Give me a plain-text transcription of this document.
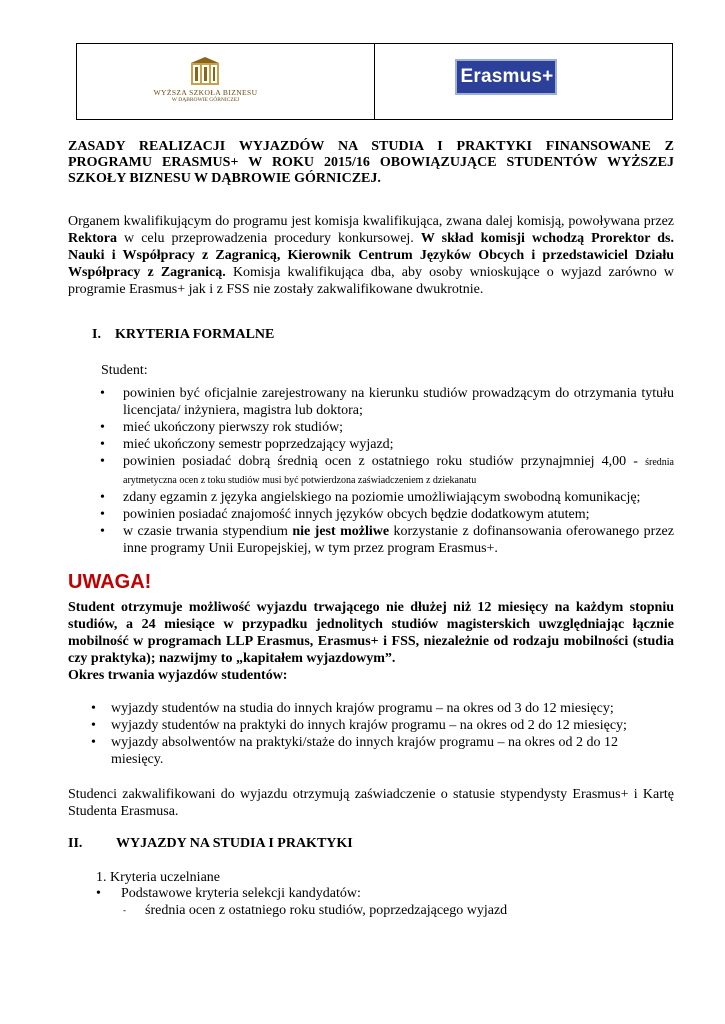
WYŻSZA SZKOŁA BIZNESU
W DĄBROWIE GÓRNICZEJ
Erasmus+
ZASADY REALIZACJI WYJAZDÓW NA STUDIA I PRAKTYKI FINANSOWANE Z PROGRAMU ERASMUS+ W ROKU 2015/16 OBOWIĄZUJĄCE STUDENTÓW WYŻSZEJ SZKOŁY BIZNESU W DĄBROWIE GÓRNICZEJ.
Organem kwalifikującym do programu jest komisja kwalifikująca, zwana dalej komisją, powoływana przez Rektora w celu przeprowadzenia procedury konkursowej. W skład komisji wchodzą Prorektor ds. Nauki i Współpracy z Zagranicą, Kierownik Centrum Języków Obcych i przedstawiciel Działu Współpracy z Zagranicą. Komisja kwalifikująca dba, aby osoby wnioskujące o wyjazd zarówno w programie Erasmus+ jak i z FSS nie zostały zakwalifikowane dwukrotnie.
I. KRYTERIA FORMALNE
Student:
• powinien być oficjalnie zarejestrowany na kierunku studiów prowadzącym do otrzymania tytułu licencjata/ inżyniera, magistra lub doktora;
• mieć ukończony pierwszy rok studiów;
• mieć ukończony semestr poprzedzający wyjazd;
• powinien posiadać dobrą średnią ocen z ostatniego roku studiów przynajmniej 4,00 - średnia arytmetyczna ocen z toku studiów musi być potwierdzona zaświadczeniem z dziekanatu
• zdany egzamin z języka angielskiego na poziomie umożliwiającym swobodną komunikację;
• powinien posiadać znajomość innych języków obcych będzie dodatkowym atutem;
• w czasie trwania stypendium nie jest możliwe korzystanie z dofinansowania oferowanego przez inne programy Unii Europejskiej, w tym przez program Erasmus+.
UWAGA!
Student otrzymuje możliwość wyjazdu trwającego nie dłużej niż 12 miesięcy na każdym stopniu studiów, a 24 miesiące w przypadku jednolitych studiów magisterskich uwzględniając łącznie mobilność w programach LLP Erasmus, Erasmus+ i FSS, niezależnie od rodzaju mobilności (studia czy praktyka); nazwijmy to „kapitałem wyjazdowym”.
Okres trwania wyjazdów studentów:
• wyjazdy studentów na studia do innych krajów programu – na okres od 3 do 12 miesięcy;
• wyjazdy studentów na praktyki do innych krajów programu – na okres od 2 do 12 miesięcy;
• wyjazdy absolwentów na praktyki/staże do innych krajów programu – na okres od 2 do 12 miesięcy.
Studenci zakwalifikowani do wyjazdu otrzymują zaświadczenie o statusie stypendysty Erasmus+ i Kartę Studenta Erasmusa.
II. WYJAZDY NA STUDIA I PRAKTYKI
1. Kryteria uczelniane
• Podstawowe kryteria selekcji kandydatów:
- średnia ocen z ostatniego roku studiów, poprzedzającego wyjazd
